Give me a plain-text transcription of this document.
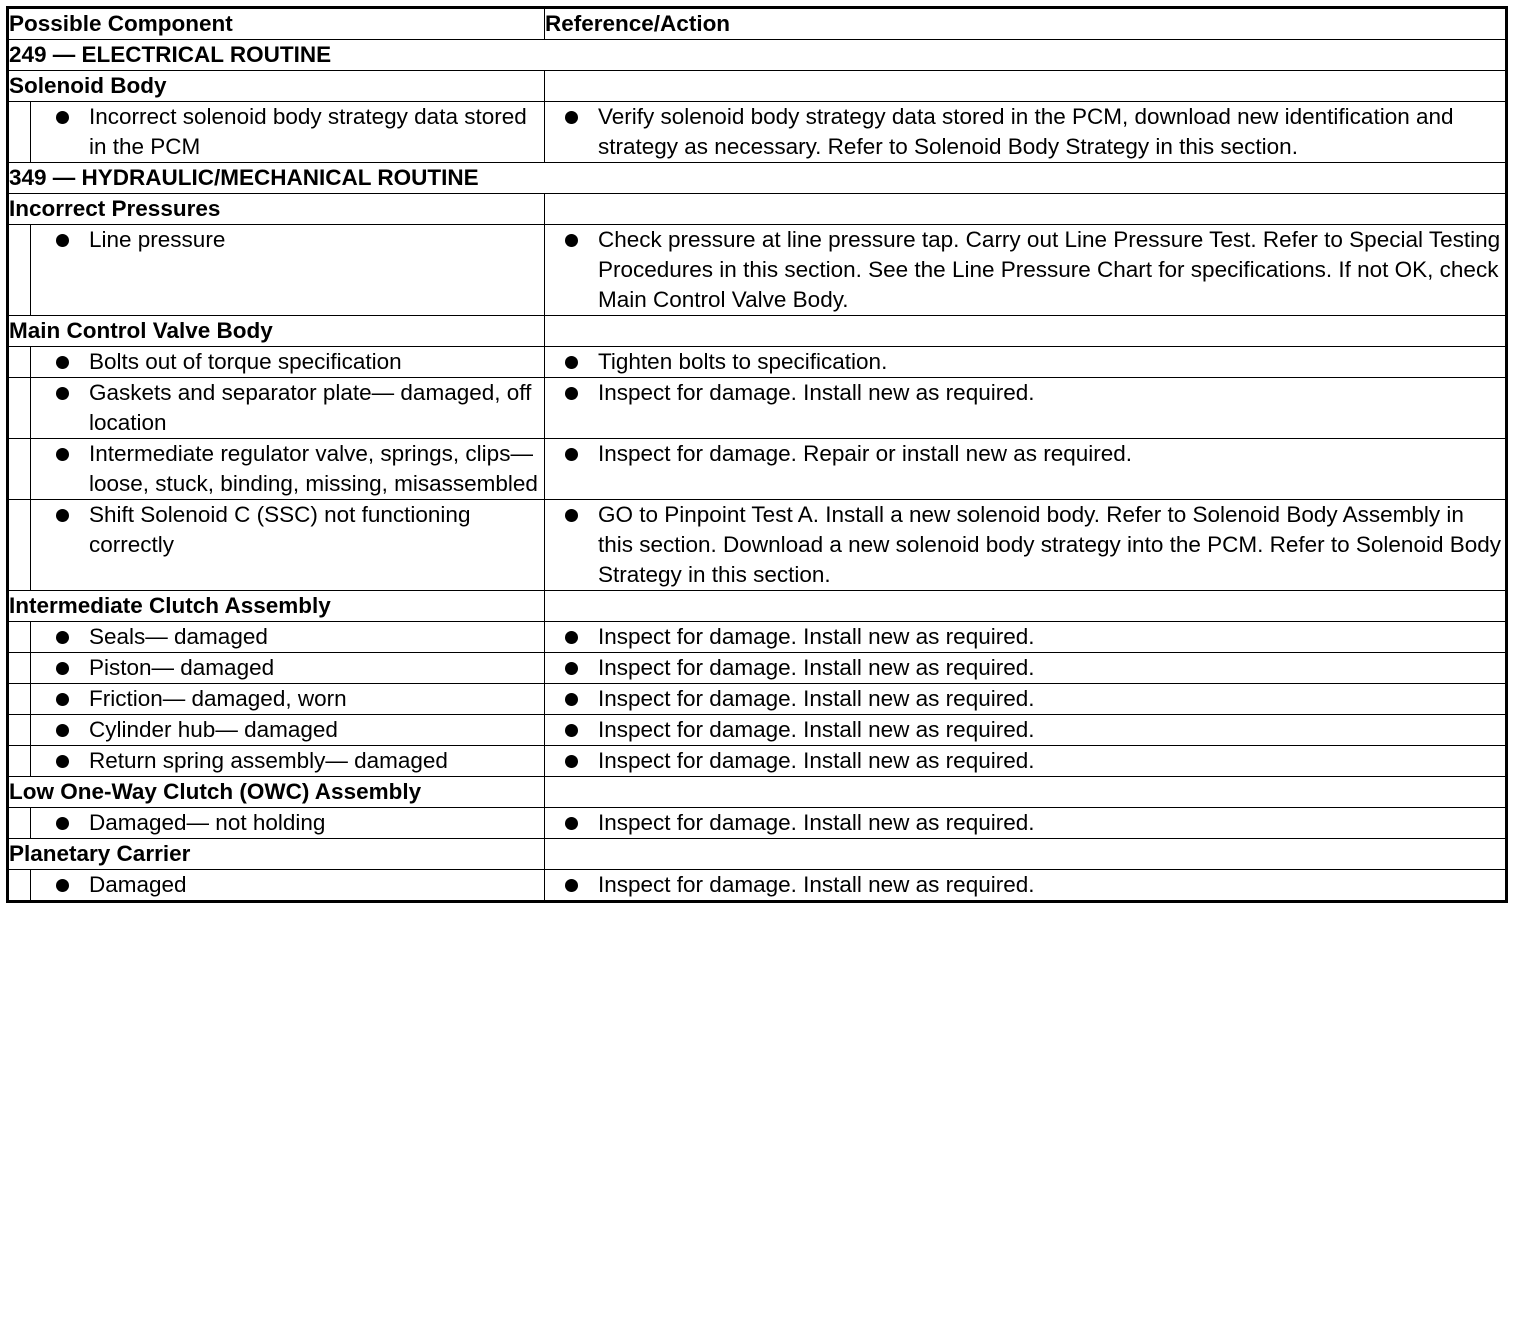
Possible Component		Reference/Action
249 — ELECTRICAL ROUTINE		
Solenoid Body		

	Incorrect solenoid body strategy data stored in the PCM	Verify solenoid body strategy data stored in the PCM, download new identification and strategy as necessary. Refer to Solenoid Body Strategy in this section.

349 — HYDRAULIC/MECHANICAL ROUTINE		
Incorrect Pressures		

	Line pressure	Check pressure at line pressure tap. Carry out Line Pressure Test. Refer to Special Testing Procedures in this section. See the Line Pressure Chart for specifications. If not OK, check Main Control Valve Body.

Main Control Valve Body		

	Bolts out of torque specification	Tighten bolts to specification.

	Gaskets and separator plate— damaged, off location	Inspect for damage. Install new as required.

	Intermediate regulator valve, springs, clips— loose, stuck, binding, missing, misassembled	Inspect for damage. Repair or install new as required.

	Shift Solenoid C (SSC) not functioning correctly	GO to Pinpoint Test A. Install a new solenoid body. Refer to Solenoid Body Assembly in this section. Download a new solenoid body strategy into the PCM. Refer to Solenoid Body Strategy in this section.

Intermediate Clutch Assembly		

	Seals— damaged	Inspect for damage. Install new as required.

	Piston— damaged	Inspect for damage. Install new as required.

	Friction— damaged, worn	Inspect for damage. Install new as required.

	Cylinder hub— damaged	Inspect for damage. Install new as required.

	Return spring assembly— damaged	Inspect for damage. Install new as required.

Low One-Way Clutch (OWC) Assembly		

	Damaged— not holding	Inspect for damage. Install new as required.

Planetary Carrier		

	Damaged	Inspect for damage. Install new as required.
